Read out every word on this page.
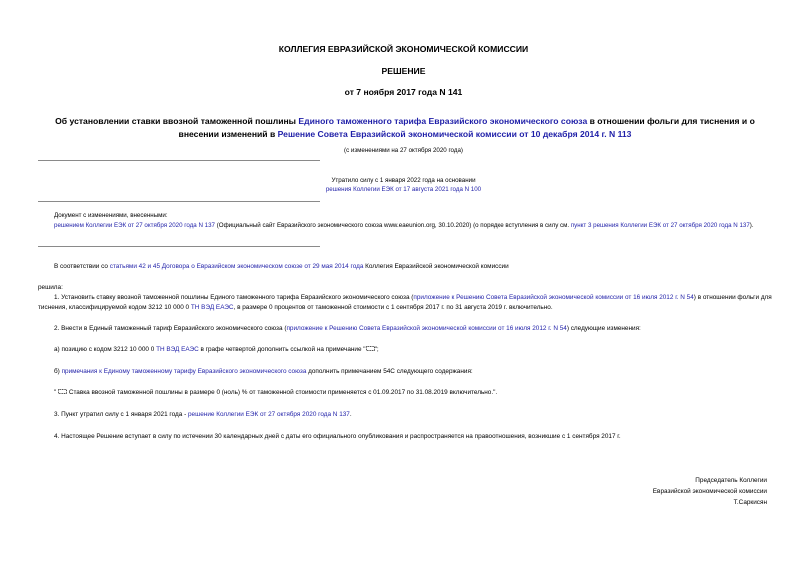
КОЛЛЕГИЯ ЕВРАЗИЙСКОЙ ЭКОНОМИЧЕСКОЙ КОМИССИИ
РЕШЕНИЕ
от 7 ноября 2017 года N 141
Об установлении ставки ввозной таможенной пошлины Единого таможенного тарифа Евразийского экономического союза в отношении фольги для тиснения и о внесении изменений в Решение Совета Евразийской экономической комиссии от 10 декабря 2014 г. N 113
(с изменениями на 27 октября 2020 года)
Утратило силу с 1 января 2022 года на основании
решения Коллегии ЕЭК от 17 августа 2021 года N 100
Документ с изменениями, внесенными:
решением Коллегии ЕЭК от 27 октября 2020 года N 137 (Официальный сайт Евразийского экономического союза www.eaeunion.org, 30.10.2020) (о порядке вступления в силу см. пункт 3 решения Коллегии ЕЭК от 27 октября 2020 года N 137).
В соответствии со статьями 42 и 45 Договора о Евразийском экономическом союзе от 29 мая 2014 года Коллегия Евразийской экономической комиссии
решила:
1. Установить ставку ввозной таможенной пошлины Единого таможенного тарифа Евразийского экономического союза (приложение к Решению Совета Евразийской экономической комиссии от 16 июля 2012 г. N 54) в отношении фольги для тиснения, классифицируемой кодом 3212 10 000 0 ТН ВЭД ЕАЭС, в размере 0 процентов от таможенной стоимости с 1 сентября 2017 г. по 31 августа 2019 г. включительно.
2. Внести в Единый таможенный тариф Евразийского экономического союза (приложение к Решению Совета Евразийской экономической комиссии от 16 июля 2012 г. N 54) следующие изменения:
а) позицию с кодом 3212 10 000 0 ТН ВЭД ЕАЭС в графе четвертой дополнить ссылкой на примечание " ";
б) примечания к Единому таможенному тарифу Евразийского экономического союза дополнить примечанием 54С следующего содержания:
"  Ставка ввозной таможенной пошлины в размере 0 (ноль) % от таможенной стоимости применяется с 01.09.2017 по 31.08.2019 включительно.".
3. Пункт утратил силу с 1 января 2021 года - решение Коллегии ЕЭК от 27 октября 2020 года N 137.
4. Настоящее Решение вступает в силу по истечении 30 календарных дней с даты его официального опубликования и распространяется на правоотношения, возникшие с 1 сентября 2017 г.
Председатель Коллегии
Евразийской экономической комиссии
Т.Саркисян
